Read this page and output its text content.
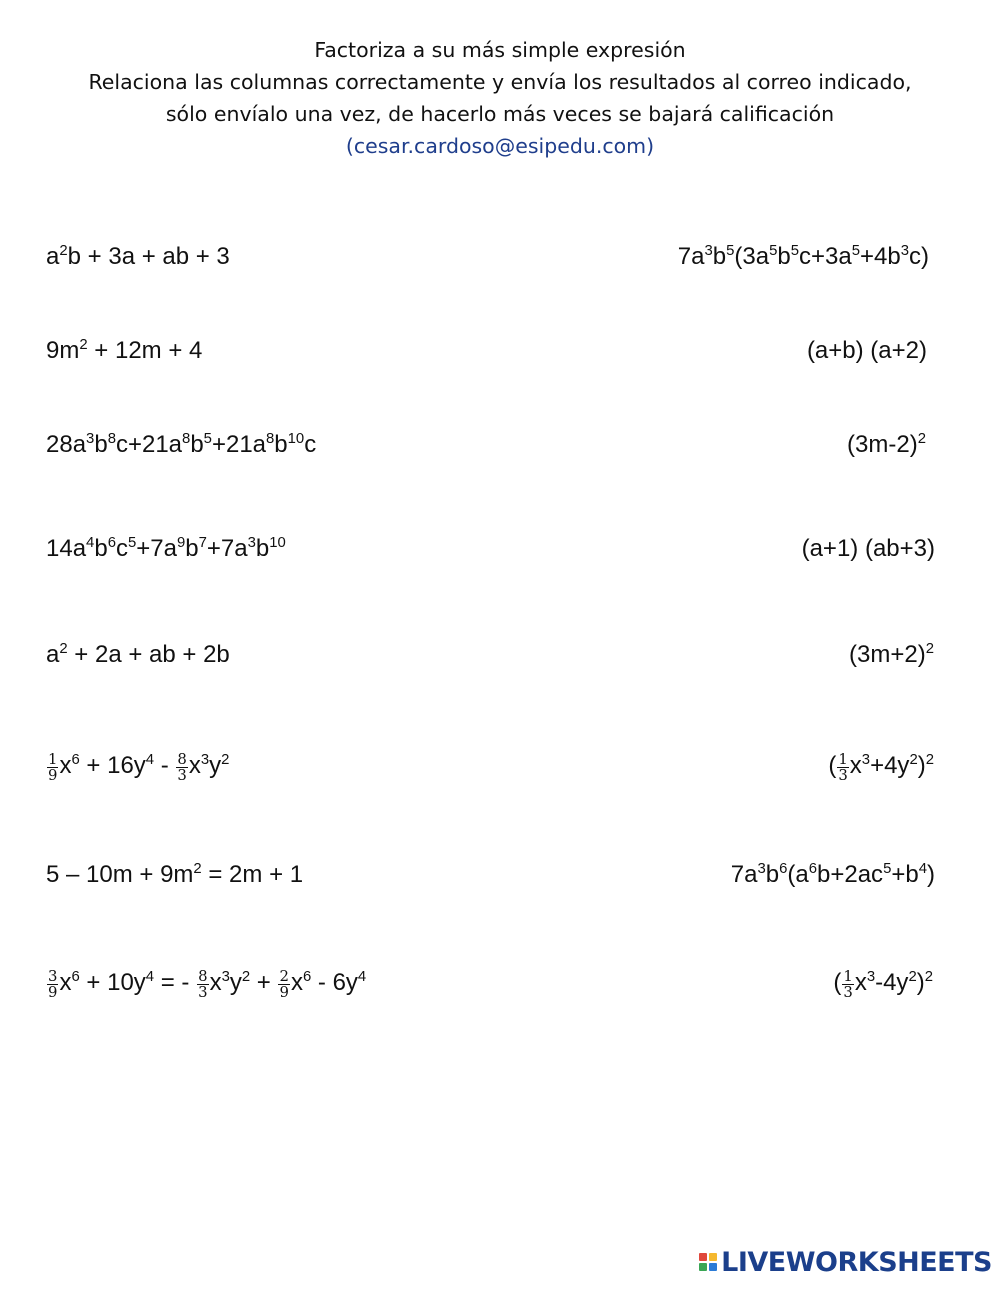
Factoriza a su más simple expresión
Relaciona las columnas correctamente y envía los resultados al correo indicado,
sólo envíalo una vez, de hacerlo más veces se bajará calificación
(cesar.cardoso@esipedu.com)
$a^2b + 3a$ + ab + 3	$7a^3b^5(3a^5b^5c+3a^5+4b^3c)$
$9m^2 + 12m + 4$	(a+b) (a+2)
$28a^3b^8c+21a^8b^5+21a^8b^{10}c$	$(3m-2)^2$
$14a^4b^6c^5+7a^9b^7+7a^3b^{10}$	(a+1) (ab+3)
$a^2 + 2a$ + ab + 2b	$(3m+2)^2$
$\frac{1}{9} x^6 + 16y^4 - \frac{8}{3} x^3y^2$	( $\frac{1}{3} x^3+4y^2)^2$
$5 - 10m + 9m^2 = 2m + 1$	$7a^3b^6(a^6b+2ac^5+b^4)$
$\frac{3}{9} x^6 + 10y^4$ = - $\frac{8}{3} x^3y^2 + \frac{2}{9} x^6 - 6y^4$	( $\frac{1}{3} x^3-4y^2)^2$
LIVEWORKSHEETS
